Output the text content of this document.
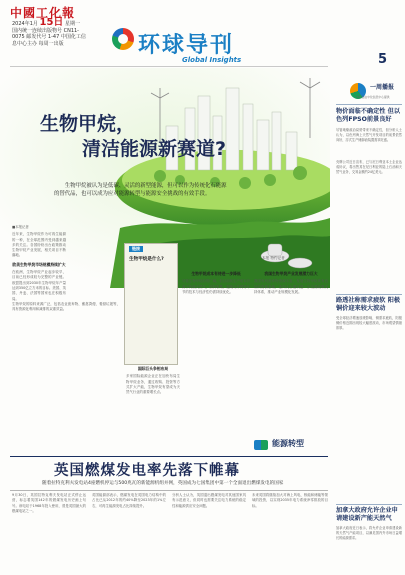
中國工化報
2024年1月 15日 星期一
国内统一连续出版物号 CN11-0075 邮发代号 1-47 中国化工信息中心主办 每周一出版	环球导刊
Global Insights	5
生物甲烷，
清洁能源新赛道?
生物甲烷被认为是低碳、灵活的新型能源，但可以作为传统化石能源的替代品，也可以成为应对能源转型与能源安全挑战的有效手段。
■本报记者

近年来，生物甲烷作为可再生能源的一种，在全球范围内受到越来越多的关注。各国纷纷出台政策推动生物甲烷产业发展，相关项目不断落地。

欧美生物甲烷市场规模持续扩大

在欧洲，生物甲烷产业起步较早，目前已经形成较为完整的产业链。欧盟提出到2030年生物甲烷年产量达到350亿立方米的目标。美国、英国、丹麦、法国等国家也在积极布局。

生物甲烷的原料来源广泛，包括农业废弃物、畜禽粪便、餐厨垃圾等，具有资源化利用和减排的双重效益。

链接
生物甲烷是什么?
国际巨头争相布局

多家国际能源企业正在加快布局生物甲烷业务，通过收购、投资等方式扩大产能，生物甲烷有望成为天然气行业的重要增长点。

本报 特约记者
生物甲烷成本有待进一步降低

尽管生物甲烷前景广阔，但目前其生产成本仍高于传统天然气，原料收集、提纯与并网等环节的技术与经济性仍需持续优化。

我国生物甲烷产业发展潜力巨大

我国有机废弃物资源丰富，发展生物甲烷具有良好的资源基础，业内人士建议进一步完善政策支持体系，推动产业规模化发展。

能源转型
英国燃煤发电率先落下帷幕
随着拉特克利夫发电站4座燃机停运与500兆瓦的新能源机组并网，英国成为七国集团中第一个全面退出燃煤发电的国家
9月30日，英国拉特克利夫发电站正式停止运营，标志着英国142年的燃煤发电历史画上句号。该电站于1968年投入使用，曾是英国最大的燃煤电站之一。
英国能源部表示，燃煤发电在英国电力结构中的占比已从2012年的约40%降至2023年的1%左右，可再生能源发电占比持续提升。
分析人士认为，英国退出燃煤发电对其他国家具有示范意义，但同时也需要关注电力系统的稳定性和能源供应安全问题。
未来英国将继续加大对海上风电、核能和储能等领域的投资，以实现2035年电力系统净零排放的目标。
一周播报
本栏目由中化信息中心提供
物价面临不确定性 但以色列FPSO前景良好
尽管地缘政治局势带来不确定性，但分析人士认为，以色列海上天然气开发项目的前景依然向好，浮式生产储卸油装置需求旺盛。
壳牌公司近日宣布，已与尼日利亚本土企业达成协议，将出售其在尼日利亚的陆上石油和天然气业务，交易金额约24亿美元。
路透社称需求疲软 阳极铜价迎来较大波动
受全球经济增速放缓影响，铜需求疲软，阳极铜价格近期出现较大幅度波动，市场观望情绪浓厚。
加拿大政府允许企业申请建设新产能天然气
加拿大政府近日表示，将允许企业申请建设新的天然气产能项目，以满足国内外市场日益增长的能源需求。
